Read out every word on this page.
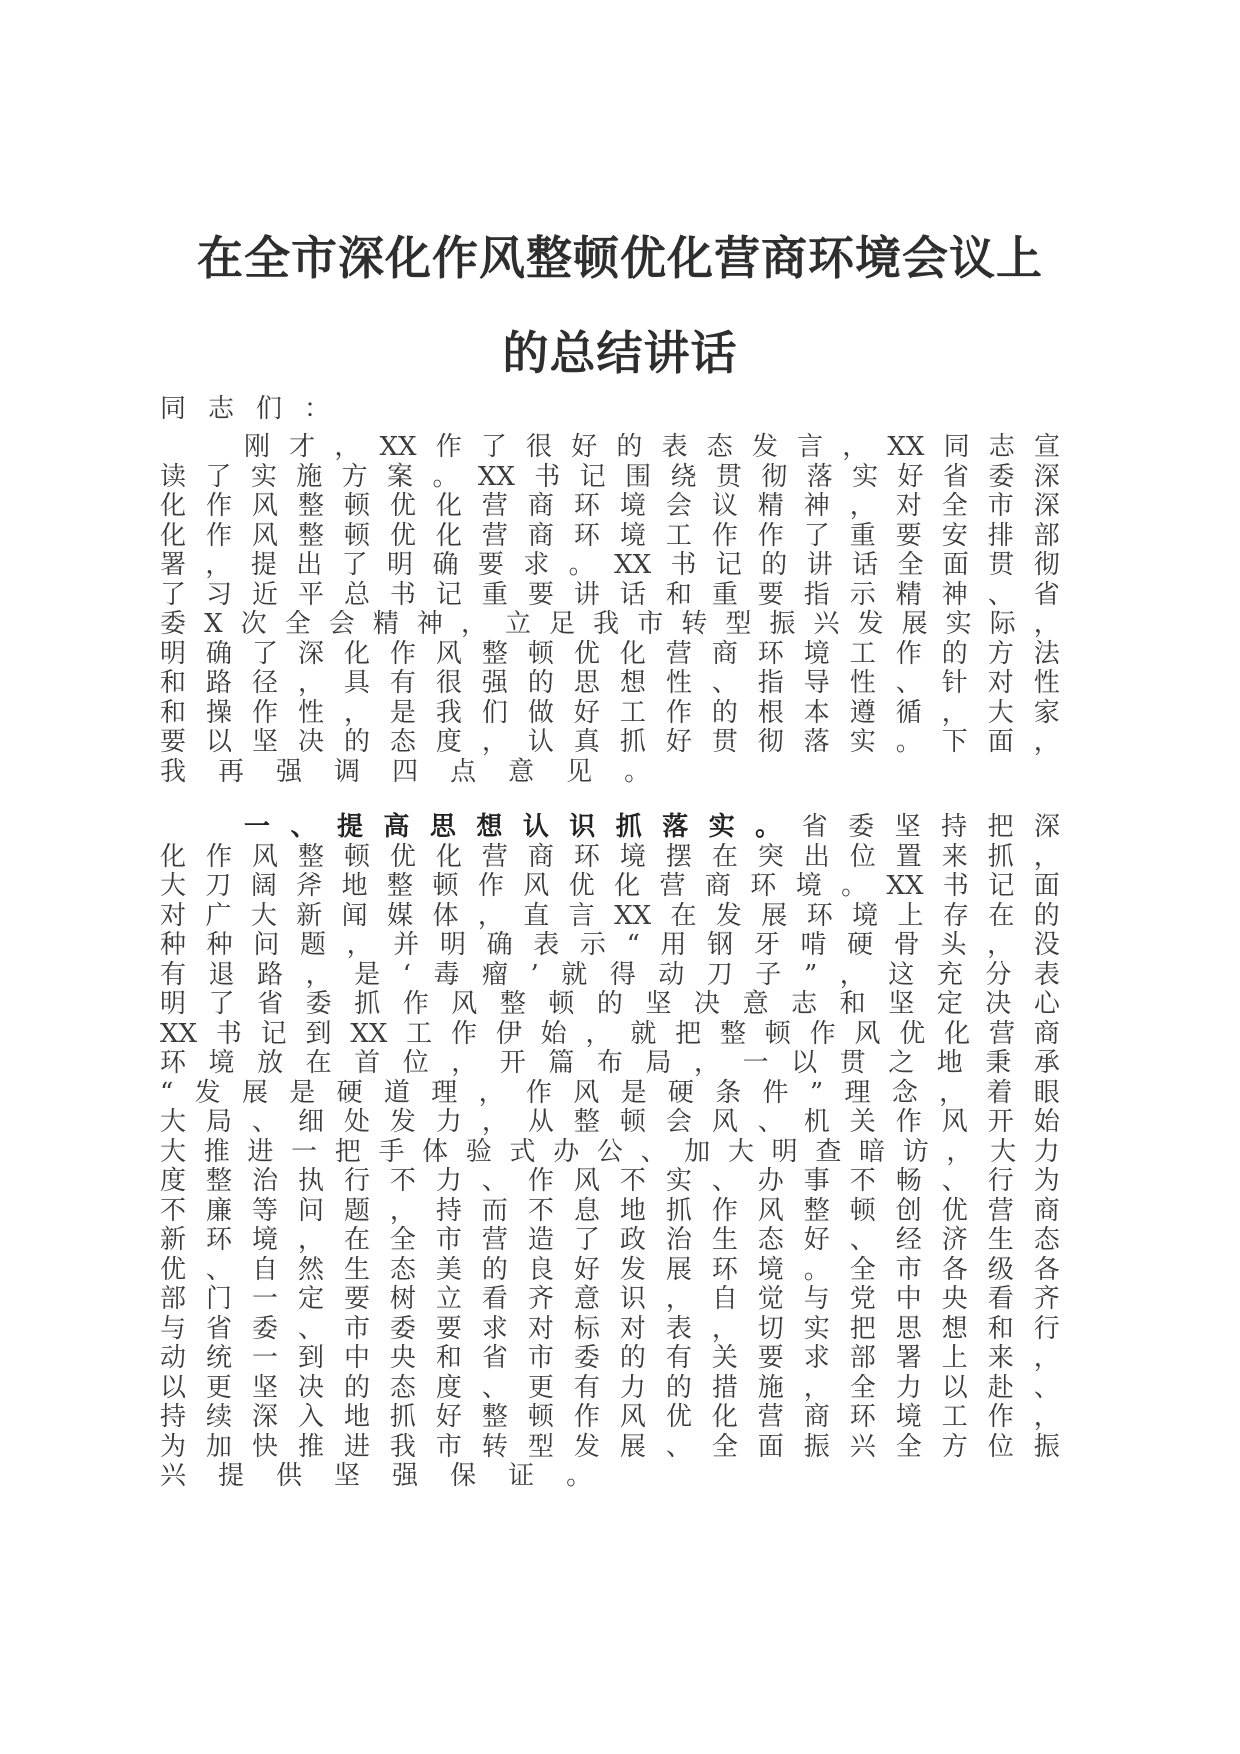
在全市深化作风整顿优化营商环境会议上
的总结讲话
同志们：
刚 才 ， XX 作 了 很 好 的 表 态 发 言 ， XX 同 志 宣
读 了 实 施 方 案 。 XX 书 记 围 绕 贯 彻 落 实 好 省 委 深
化 作 风 整 顿 优 化 营 商 环 境 会 议 精 神 ， 对 全 市 深
化 作 风 整 顿 优 化 营 商 环 境 工 作 作 了 重 要 安 排 部
署 ， 提 出 了 明 确 要 求 。 XX 书 记 的 讲 话 全 面 贯 彻
了 习 近 平 总 书 记 重 要 讲 话 和 重 要 指 示 精 神 、 省
委 X 次 全 会 精 神 ， 立 足 我 市 转 型 振 兴 发 展 实 际 ，
明 确 了 深 化 作 风 整 顿 优 化 营 商 环 境 工 作 的 方 法
和 路 径 ， 具 有 很 强 的 思 想 性 、 指 导 性 、 针 对 性
和 操 作 性 ， 是 我 们 做 好 工 作 的 根 本 遵 循 ， 大 家
要 以 坚 决 的 态 度 ， 认 真 抓 好 贯 彻 落 实 。 下 面 ，
我 再 强 调 四 点 意 见 。
一 、 提 高 思 想 认 识 抓 落 实 。 省 委 坚 持 把 深
化 作 风 整 顿 优 化 营 商 环 境 摆 在 突 出 位 置 来 抓 ，
大 刀 阔 斧 地 整 顿 作 风 优 化 营 商 环 境 。 XX 书 记 面
对 广 大 新 闻 媒 体 ， 直 言 XX 在 发 展 环 境 上 存 在 的
种 种 问 题 ， 并 明 确 表 示 “ 用 钢 牙 啃 硬 骨 头 ， 没
有 退 路 ， 是 ‘ 毒 瘤 ’ 就 得 动 刀 子 ” ， 这 充 分 表
明 了 省 委 抓 作 风 整 顿 的 坚 决 意 志 和 坚 定 决 心
XX 书 记 到 XX 工 作 伊 始 ， 就 把 整 顿 作 风 优 化 营 商
环 境 放 在 首 位 ， 开 篇 布 局 ， 一 以 贯 之 地 秉 承
“ 发 展 是 硬 道 理 ， 作 风 是 硬 条 件 ” 理 念 ， 着 眼
大 局 、 细 处 发 力 ， 从 整 顿 会 风 、 机 关 作 风 开 始
大 推 进 一 把 手 体 验 式 办 公 、 加 大 明 查 暗 访 ， 大 力
度 整 治 执 行 不 力 、 作 风 不 实 、 办 事 不 畅 、 行 为
不 廉 等 问 题 ， 持 而 不 息 地 抓 作 风 整 顿 创 优 营 商
新 环 境 ， 在 全 市 营 造 了 政 治 生 态 好 、 经 济 生 态
优 、 自 然 生 态 美 的 良 好 发 展 环 境 。 全 市 各 级 各
部 门 一 定 要 树 立 看 齐 意 识 ， 自 觉 与 党 中 央 看 齐
与 省 委 、 市 委 要 求 对 标 对 表 ， 切 实 把 思 想 和 行
动 统 一 到 中 央 和 省 市 委 的 有 关 要 求 部 署 上 来 ，
以 更 坚 决 的 态 度 、 更 有 力 的 措 施 ， 全 力 以 赴 、
持 续 深 入 地 抓 好 整 顿 作 风 优 化 营 商 环 境 工 作 ，
为 加 快 推 进 我 市 转 型 发 展 、 全 面 振 兴 全 方 位 振
兴 提 供 坚 强 保 证 。
